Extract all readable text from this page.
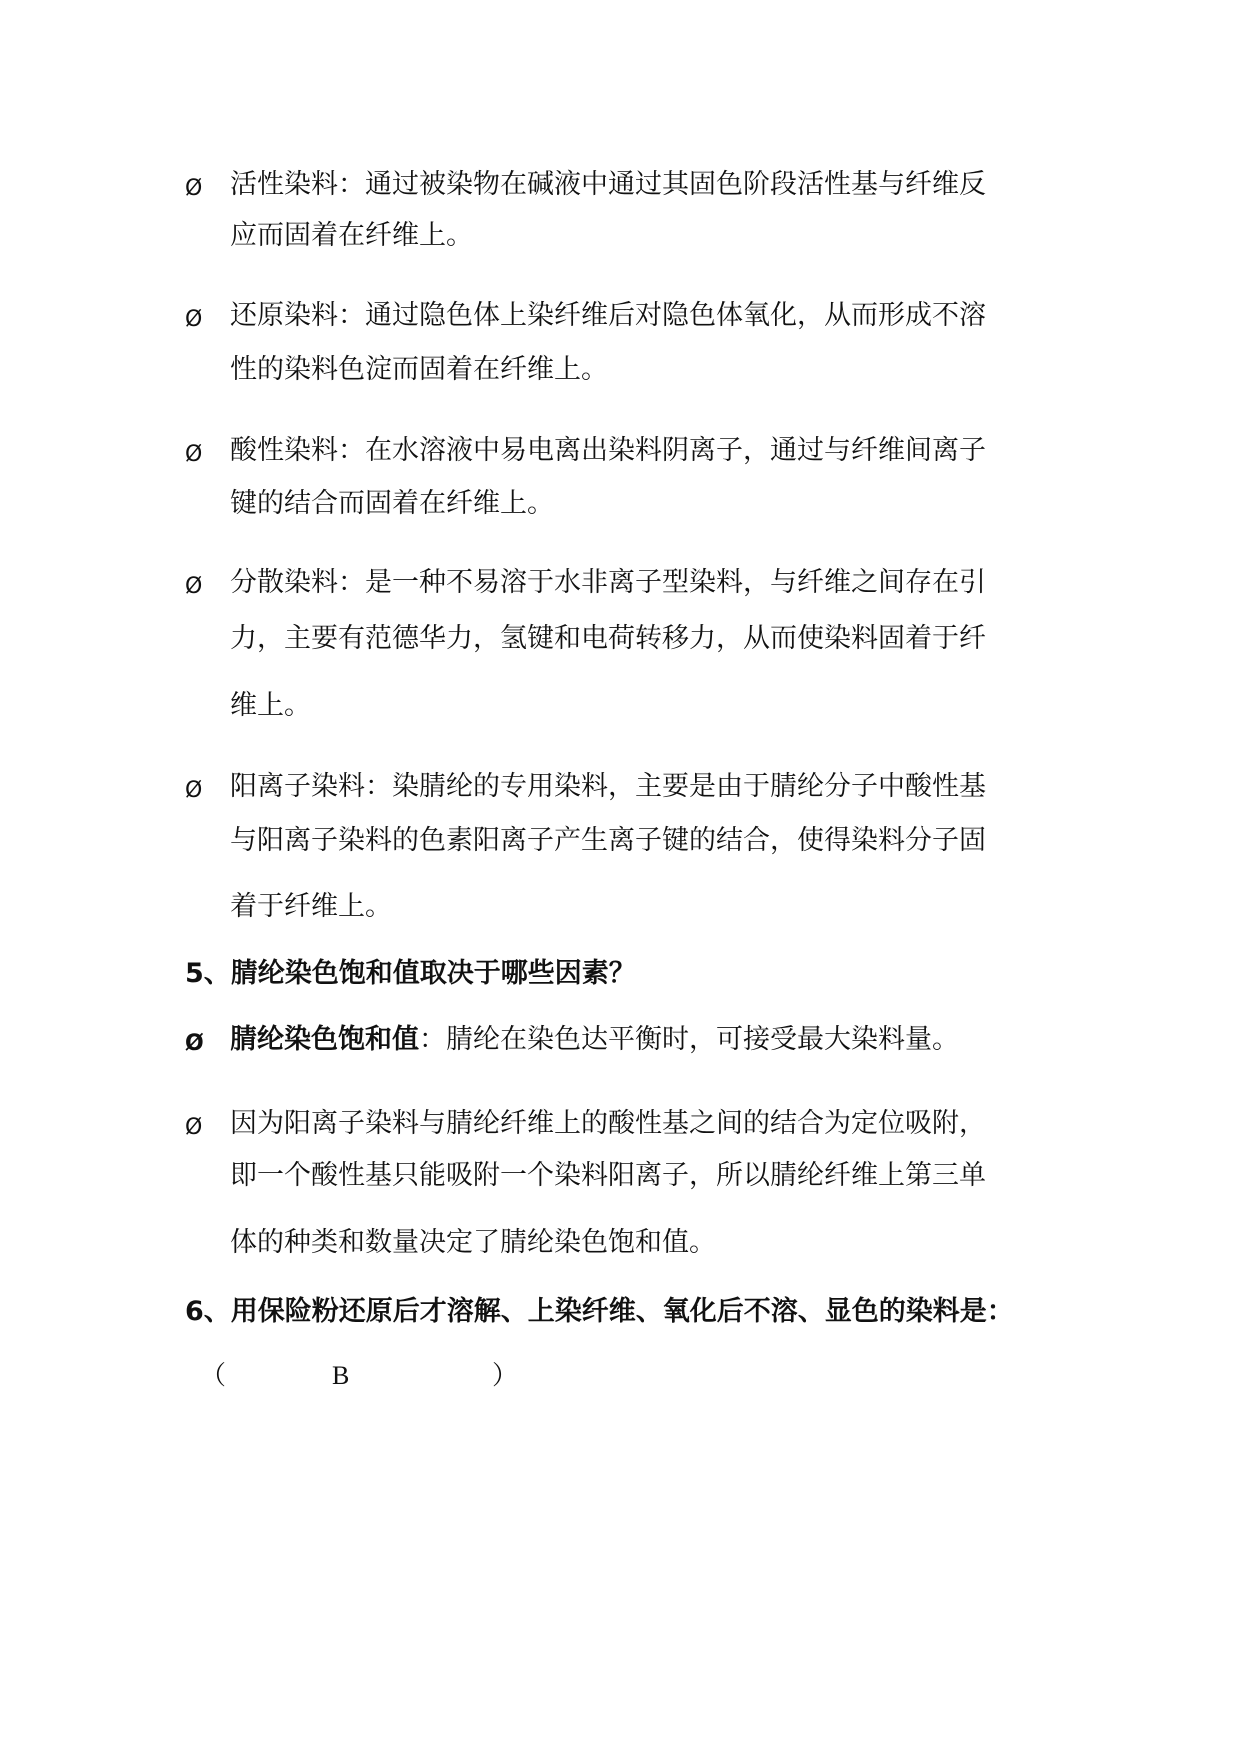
Ø 活性染料：通过被染物在碱液中通过其固色阶段活性基与纤维反
应而固着在纤维上。
Ø 还原染料：通过隐色体上染纤维后对隐色体氧化，从而形成不溶
性的染料色淀而固着在纤维上。
Ø 酸性染料：在水溶液中易电离出染料阴离子，通过与纤维间离子
键的结合而固着在纤维上。
Ø 分散染料：是一种不易溶于水非离子型染料，与纤维之间存在引
力，主要有范德华力，氢键和电荷转移力，从而使染料固着于纤
维上。
Ø 阳离子染料：染腈纶的专用染料，主要是由于腈纶分子中酸性基
与阳离子染料的色素阳离子产生离子键的结合，使得染料分子固
着于纤维上。
5、腈纶染色饱和值取决于哪些因素？
Ø 腈纶染色饱和值：腈纶在染色达平衡时，可接受最大染料量。
Ø 因为阳离子染料与腈纶纤维上的酸性基之间的结合为定位吸附，
即一个酸性基只能吸附一个染料阳离子，所以腈纶纤维上第三单
体的种类和数量决定了腈纶染色饱和值。
6、用保险粉还原后才溶解、上染纤维、氧化后不溶、显色的染料是：
（	B	）
